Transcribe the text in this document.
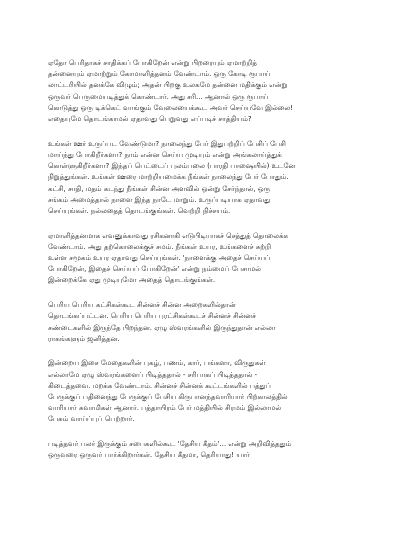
ஏதோ பெரிதாகச் சாதிக்கப் போகிறேன் என்று பிறரையும் ஏமாற்றித்
தன்னையும் ஏமாற்றும் கோமாளித்தனம் வேண்டாம். ஒரு கோடி ரூபாய்
லாட்டரியில் தனக்கே விழும்; அதன் பிறகு உலகமே தன்னை மதிக்கும் என்று
ஒருவர் பெருமையடித்துக் கொண்டார். அது சரி... ஆனால் ஒரு ரூபாய்
கொடுத்து ஒரு டிக்கெட் வாங்கும் வேலையைக்கூட அவர் செய்யவே இல்லை!
எதையுமே தொடங்காமல் ஏதாவது பெறுவது எப்படிச் சாத்தியம்?

உங்கள் ஊர் உருப்பட வேண்டுமா? நாலைந்து பேர் இதுபற்றிப் பேசிப் பேசி
மாய்ந்து போகிறீர்களா? நாம் என்ன செய்ய முடியும் என்று அங்கலாய்த்துக்
கொள்ளுகிறீர்களா? இந்தப் பெட்டைப் புலம்பலை (பாரதி பாஷையில்) உடனே
நிறுத்துங்கள். உங்கள் ஊரை மாற்றியமைக்க நீங்கள் நாலைந்து பேர் போதும்.
கட்சி, சாதி, மதம் கடந்து நீங்கள் சின்ன அளவில் ஒன்று சேர்ந்தால், ஒரு
சங்கம் அமைத்தால் நாளை இந்த நாடே மாறும். உருப்படியாக ஏதாவது
செய்யுங்கள். நல்லதைத் தொடங்குங்கள். வெற்றி நிச்சயம்.

ஏமாளித்தனமாக எவனுக்காவது ரசிகனாகி எடுபிடியாகச் செத்துத் தொலைக்க
வேண்டாம். அது தற்கொலைக்குச் சமம். நீங்கள் உயர, உங்களைச் சுற்றி
உள்ள சமூகம் உயர ஏதாவது செய்யுங்கள். 'நாளைக்கு அதைச் செய்யப்
போகிறேன், இதைச் செய்யப் போகிறேன்' என்று நம்மைப் பேசாமல்
இன்றைக்கே ஏது முடியுமோ அதைத் தொடங்குங்கள்.

பெரிய பெரிய கட்சிகள்கூட சின்னச் சின்ன அறைகளில்தான்
தொடங்கப்பட்டன. பெரிய பெரிய புரட்சிகள்கூடச் சின்னச் சின்னச்
சண்டைகளில் இருந்தே பிறந்தன. ஏழு ஸ்வரங்களில் இருந்துதான் எல்லா
ராகங்களும் ஜனித்தன.

இன்றைய இசை மேதைகளின் புகழ், பணம், கார், பங்களா, விருதுகள்
எல்லாமே ஏழு ஸ்வரங்களைப் பிடித்ததால் - சரிபாகப் பிடித்ததால் -
கிடைத்தவை. மறக்க வேண்டாம். சின்னச் சின்னக் கூட்டங்களில் பத்துப்
பேருக்குப் பதினைந்து பேருக்குப் பேசிய கிருபானந்தவாரியார் பிற்காலத்தில்
வாரியார் சுவாமிகள் ஆனார். பத்தாயிரம் பேர் மத்தியில் சிரமம் இல்லாமல்
பேசும் வாய்ப்புப் பெற்றார்.

படித்தவர் பலர் இருக்கும் சபைகளில்கூட 'தேசிய கீதம்'... என்று அறிவித்ததும்
ஒருவரை ஒருவர் பார்க்கிறார்கள். தேசிய கீதமா, தெரியாது! யார்
